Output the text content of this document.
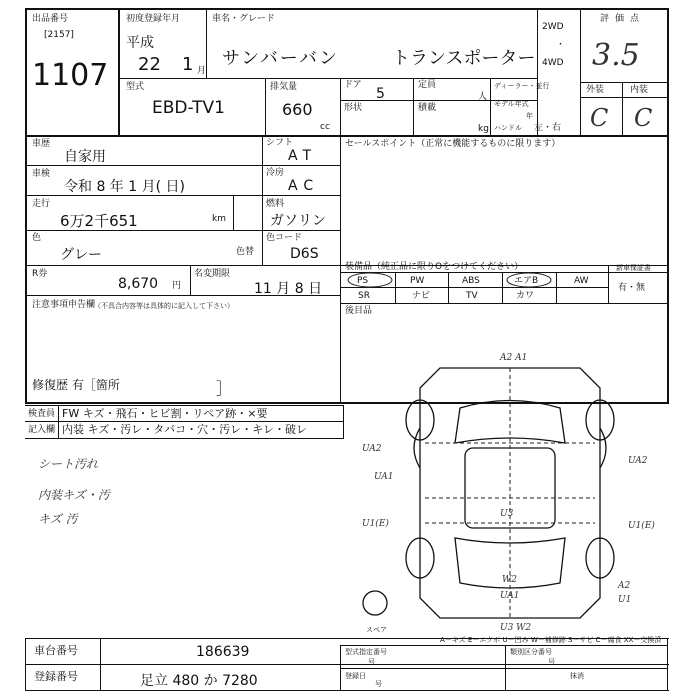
出品番号
[2157]
1107
初度登録年月
平成
22 1 月
車名・グレード
サンバーバン	トランスポーター
2WD
・
4WD
評価点
3.5
型式
EBD-TV1
排気量
660
cc
ドア
5
定員
人
ディーラー・並行
形状	積載
kg
モデル年式
年
ハンドル 左・右
外装	内装
C C
車歴
自家用
シフト
AT
車検
令和 8 年 1 月( 日)
冷房
AC
走行
6万2千651	km
燃料
ガソリン
色
グレー	色替
色コード
D6S
R券
8,670 円
名変期限
11 月 8 日
注意事項申告欄
（不具合内容等は具体的に記入して下さい）
修復歴 有［箇所	］
セールスポイント（正常に機能するものに限ります）
装備品（純正品に限りOをつけてください）	新車保証書
有・無
PS	PW	ABS	エアB	AW
SR	ナビ	TV	カワ
後目品
検査員
記入欄
FW キズ・飛石・ヒビ割・リペア跡・×要
内装 キズ・汚レ・タバコ・穴・汚レ・キレ・破レ
シート汚れ
内装キズ・汚
キズ 汚
A2 A1
UA2
UA1
U1(E)
U3
UA2
U1(E)
W2
UA1
U3 W2
A2
U1
スペア
A－キズ E－エクボ U－凹み W－補修跡 S－サビ C－腐食 XX－交換済
車台番号	186639
登録番号	足立 480 か 7280
型式指定番号
号
類別区分番号
号
登録日
号
抹消
